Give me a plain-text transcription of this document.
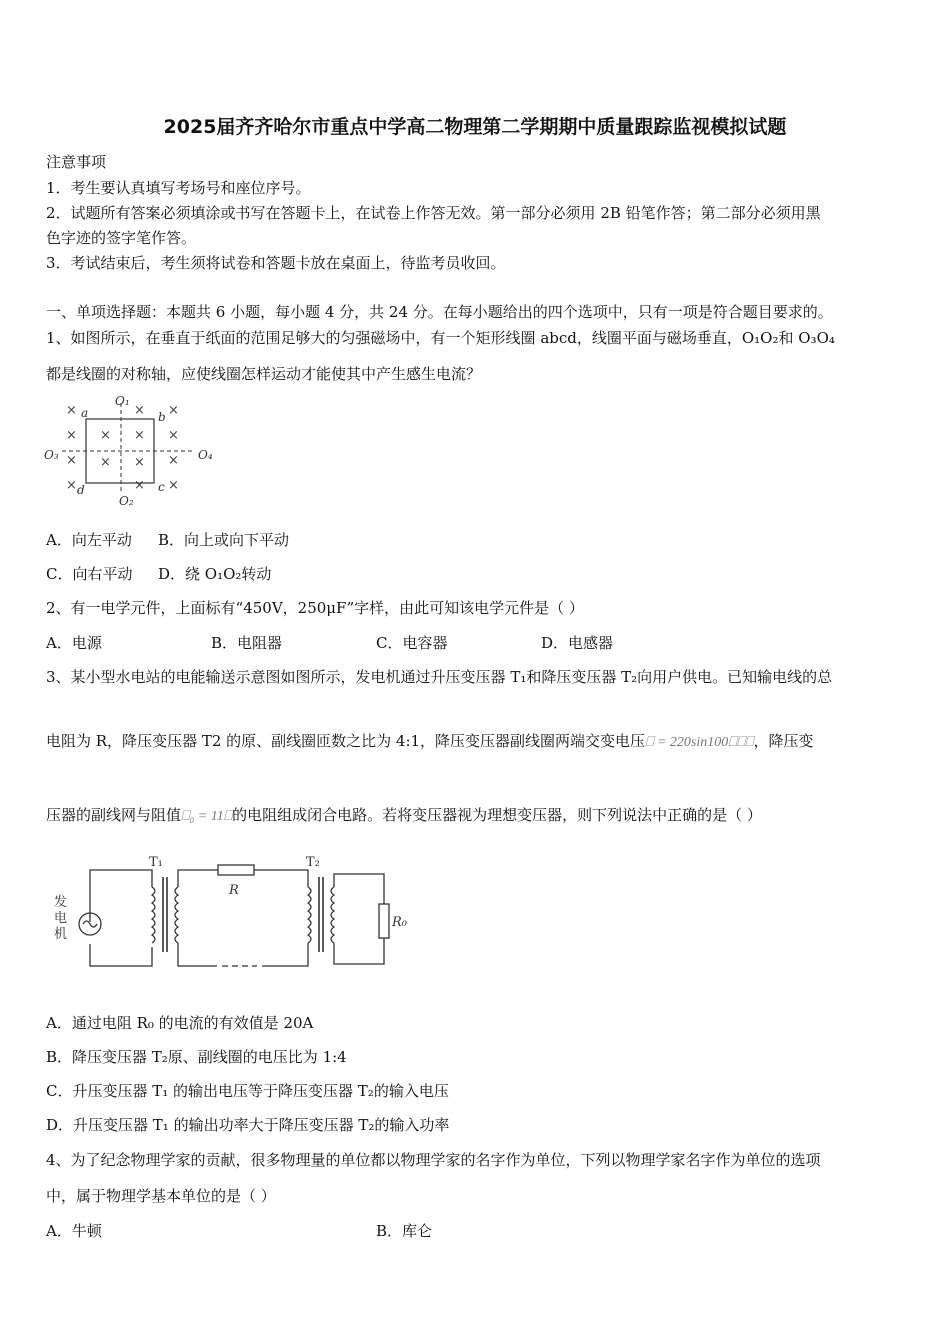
2025届齐齐哈尔市重点中学高二物理第二学期期中质量跟踪监视模拟试题
注意事项
1．考生要认真填写考场号和座位序号。
2．试题所有答案必须填涂或书写在答题卡上，在试卷上作答无效。第一部分必须用 2B 铅笔作答；第二部分必须用黑
色字迹的签字笔作答。
3．考试结束后，考生须将试卷和答题卡放在桌面上，待监考员收回。
一、单项选择题：本题共 6 小题，每小题 4 分，共 24 分。在每小题给出的四个选项中，只有一项是符合题目要求的。
1、如图所示，在垂直于纸面的范围足够大的匀强磁场中，有一个矩形线圈 abcd，线圈平面与磁场垂直，O₁O₂和 O₃O₄
都是线圈的对称轴，应使线圈怎样运动才能使其中产生感生电流？
×
×
×
×
×
×
×
×
× ×
×
×
×
×
a	b
c
d
O₁
O₂
O₃	O₄
A．向左平动 B．向上或向下平动
C．向右平动 D．绕 O₁O₂转动
2、有一电学元件，上面标有“450V，250μF”字样，由此可知该电学元件是（ ）
A．电源	B．电阻器	C．电容器	D．电感器
3、某小型水电站的电能输送示意图如图所示，发电机通过升压变压器 T₁和降压变压器 T₂向用户供电。已知输电线的总
电阻为 R，降压变压器 T2 的原、副线圈匝数之比为 4:1，降压变压器副线圈两端交变电压⎕ = 220sin100⎕⎕⎕，降压变
压器的副线网与阻值⎕₀ = 11⎕的电阻组成闭合电路。若将变压器视为理想变压器，则下列说法中正确的是（ ）
发
电
机
T₁	T₂
R
R₀
A．通过电阻 R₀ 的电流的有效值是 20A
B．降压变压器 T₂原、副线圈的电压比为 1:4
C．升压变压器 T₁ 的输出电压等于降压变压器 T₂的输入电压
D．升压变压器 T₁ 的输出功率大于降压变压器 T₂的输入功率
4、为了纪念物理学家的贡献，很多物理量的单位都以物理学家的名字作为单位，下列以物理学家名字作为单位的选项
中，属于物理学基本单位的是（ ）
A．牛顿	B．库仑
